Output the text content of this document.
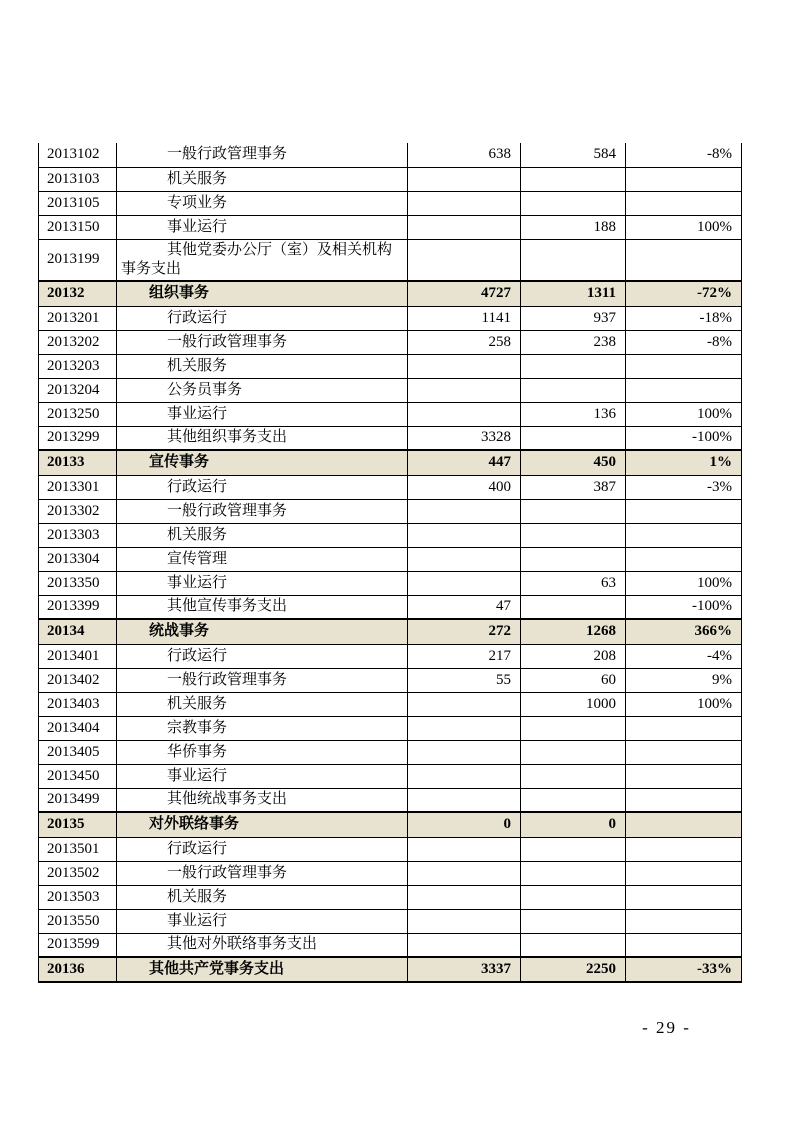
2013102	一般行政管理事务	638	584	-8%
2013103	机关服务			
2013105	专项业务			
2013150	事业运行		188	100%
2013199	其他党委办公厅（室）及相关机构事务支出			
20132	组织事务	4727	1311	-72%
2013201	行政运行	1141	937	-18%
2013202	一般行政管理事务	258	238	-8%
2013203	机关服务			
2013204	公务员事务			
2013250	事业运行		136	100%
2013299	其他组织事务支出	3328		-100%
20133	宣传事务	447	450	1%
2013301	行政运行	400	387	-3%
2013302	一般行政管理事务			
2013303	机关服务			
2013304	宣传管理			
2013350	事业运行		63	100%
2013399	其他宣传事务支出	47		-100%
20134	统战事务	272	1268	366%
2013401	行政运行	217	208	-4%
2013402	一般行政管理事务	55	60	9%
2013403	机关服务		1000	100%
2013404	宗教事务			
2013405	华侨事务			
2013450	事业运行			
2013499	其他统战事务支出			
20135	对外联络事务	0	0	
2013501	行政运行			
2013502	一般行政管理事务			
2013503	机关服务			
2013550	事业运行			
2013599	其他对外联络事务支出			
20136	其他共产党事务支出	3337	2250	-33%
- 29 -
